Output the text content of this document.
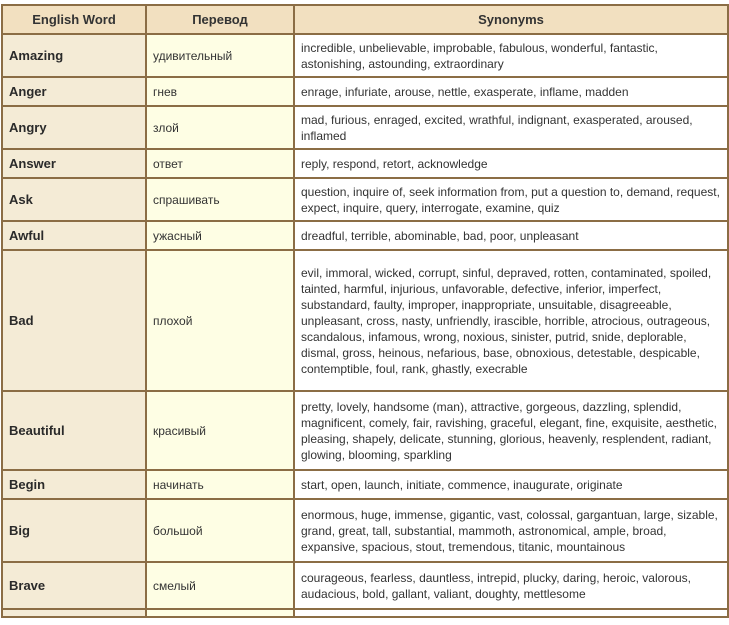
English Word	Перевод	Synonyms
Amazing	удивительный	incredible, unbelievable, improbable, fabulous, wonderful, fantastic, astonishing, astounding, extraordinary
Anger	гнев	enrage, infuriate, arouse, nettle, exasperate, inflame, madden
Angry	злой	mad, furious, enraged, excited, wrathful, indignant, exasperated, aroused, inflamed
Answer	ответ	reply, respond, retort, acknowledge
Ask	спрашивать	question, inquire of, seek information from, put a question to, demand, request, expect, inquire, query, interrogate, examine, quiz
Awful	ужасный	dreadful, terrible, abominable, bad, poor, unpleasant
Bad	плохой	evil, immoral, wicked, corrupt, sinful, depraved, rotten, contaminated, spoiled, tainted, harmful, injurious, unfavorable, defective, inferior, imperfect, substandard, faulty, improper, inappropriate, unsuitable, disagreeable, unpleasant, cross, nasty, unfriendly, irascible, horrible, atrocious, outrageous, scandalous, infamous, wrong, noxious, sinister, putrid, snide, deplorable, dismal, gross, heinous, nefarious, base, obnoxious, detestable, despicable, contemptible, foul, rank, ghastly, execrable
Beautiful	красивый	pretty, lovely, handsome (man), attractive, gorgeous, dazzling, splendid, magnificent, comely, fair, ravishing, graceful, elegant, fine, exquisite, aesthetic, pleasing, shapely, delicate, stunning, glorious, heavenly, resplendent, radiant, glowing, blooming, sparkling
Begin	начинать	start, open, launch, initiate, commence, inaugurate, originate
Big	большой	enormous, huge, immense, gigantic, vast, colossal, gargantuan, large, sizable, grand, great, tall, substantial, mammoth, astronomical, ample, broad, expansive, spacious, stout, tremendous, titanic, mountainous
Brave	смелый	courageous, fearless, dauntless, intrepid, plucky, daring, heroic, valorous, audacious, bold, gallant, valiant, doughty, mettlesome
